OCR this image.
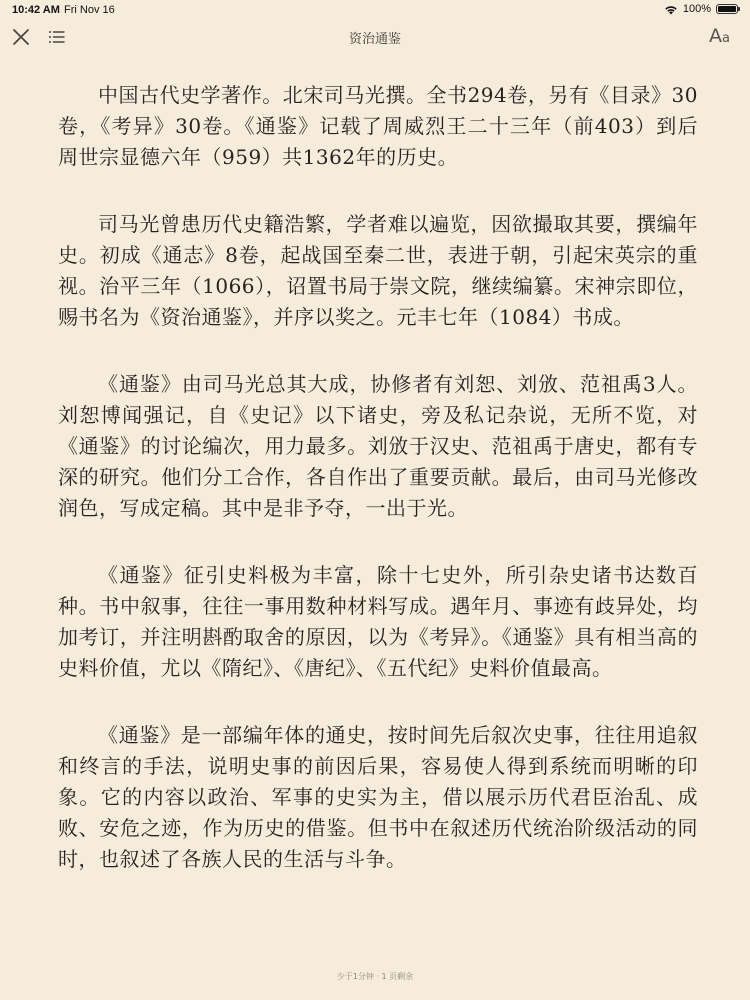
10:42 AM Fri Nov 16	100%
资治通鉴	Aa

中国古代史学著作。北宋司马光撰。全书294卷，另有《目录》30卷，《考异》30卷。《通鉴》记载了周威烈王二十三年（前403）到后周世宗显德六年（959）共1362年的历史。

司马光曾患历代史籍浩繁，学者难以遍览，因欲撮取其要，撰编年史。初成《通志》8卷，起战国至秦二世，表进于朝，引起宋英宗的重视。治平三年（1066），诏置书局于崇文院，继续编纂。宋神宗即位，赐书名为《资治通鉴》，并序以奖之。元丰七年（1084）书成。

《通鉴》由司马光总其大成，协修者有刘恕、刘攽、范祖禹3人。刘恕博闻强记，自《史记》以下诸史，旁及私记杂说，无所不览，对《通鉴》的讨论编次，用力最多。刘攽于汉史、范祖禹于唐史，都有专深的研究。他们分工合作，各自作出了重要贡献。最后，由司马光修改润色，写成定稿。其中是非予夺，一出于光。

《通鉴》征引史料极为丰富，除十七史外，所引杂史诸书达数百种。书中叙事，往往一事用数种材料写成。遇年月、事迹有歧异处，均加考订，并注明斟酌取舍的原因，以为《考异》。《通鉴》具有相当高的史料价值，尤以《隋纪》、《唐纪》、《五代纪》史料价值最高。

《通鉴》是一部编年体的通史，按时间先后叙次史事，往往用追叙和终言的手法，说明史事的前因后果，容易使人得到系统而明晰的印象。它的内容以政治、军事的史实为主，借以展示历代君臣治乱、成败、安危之迹，作为历史的借鉴。但书中在叙述历代统治阶级活动的同时，也叙述了各族人民的生活与斗争。

少于1分钟 · 1 页剩余
